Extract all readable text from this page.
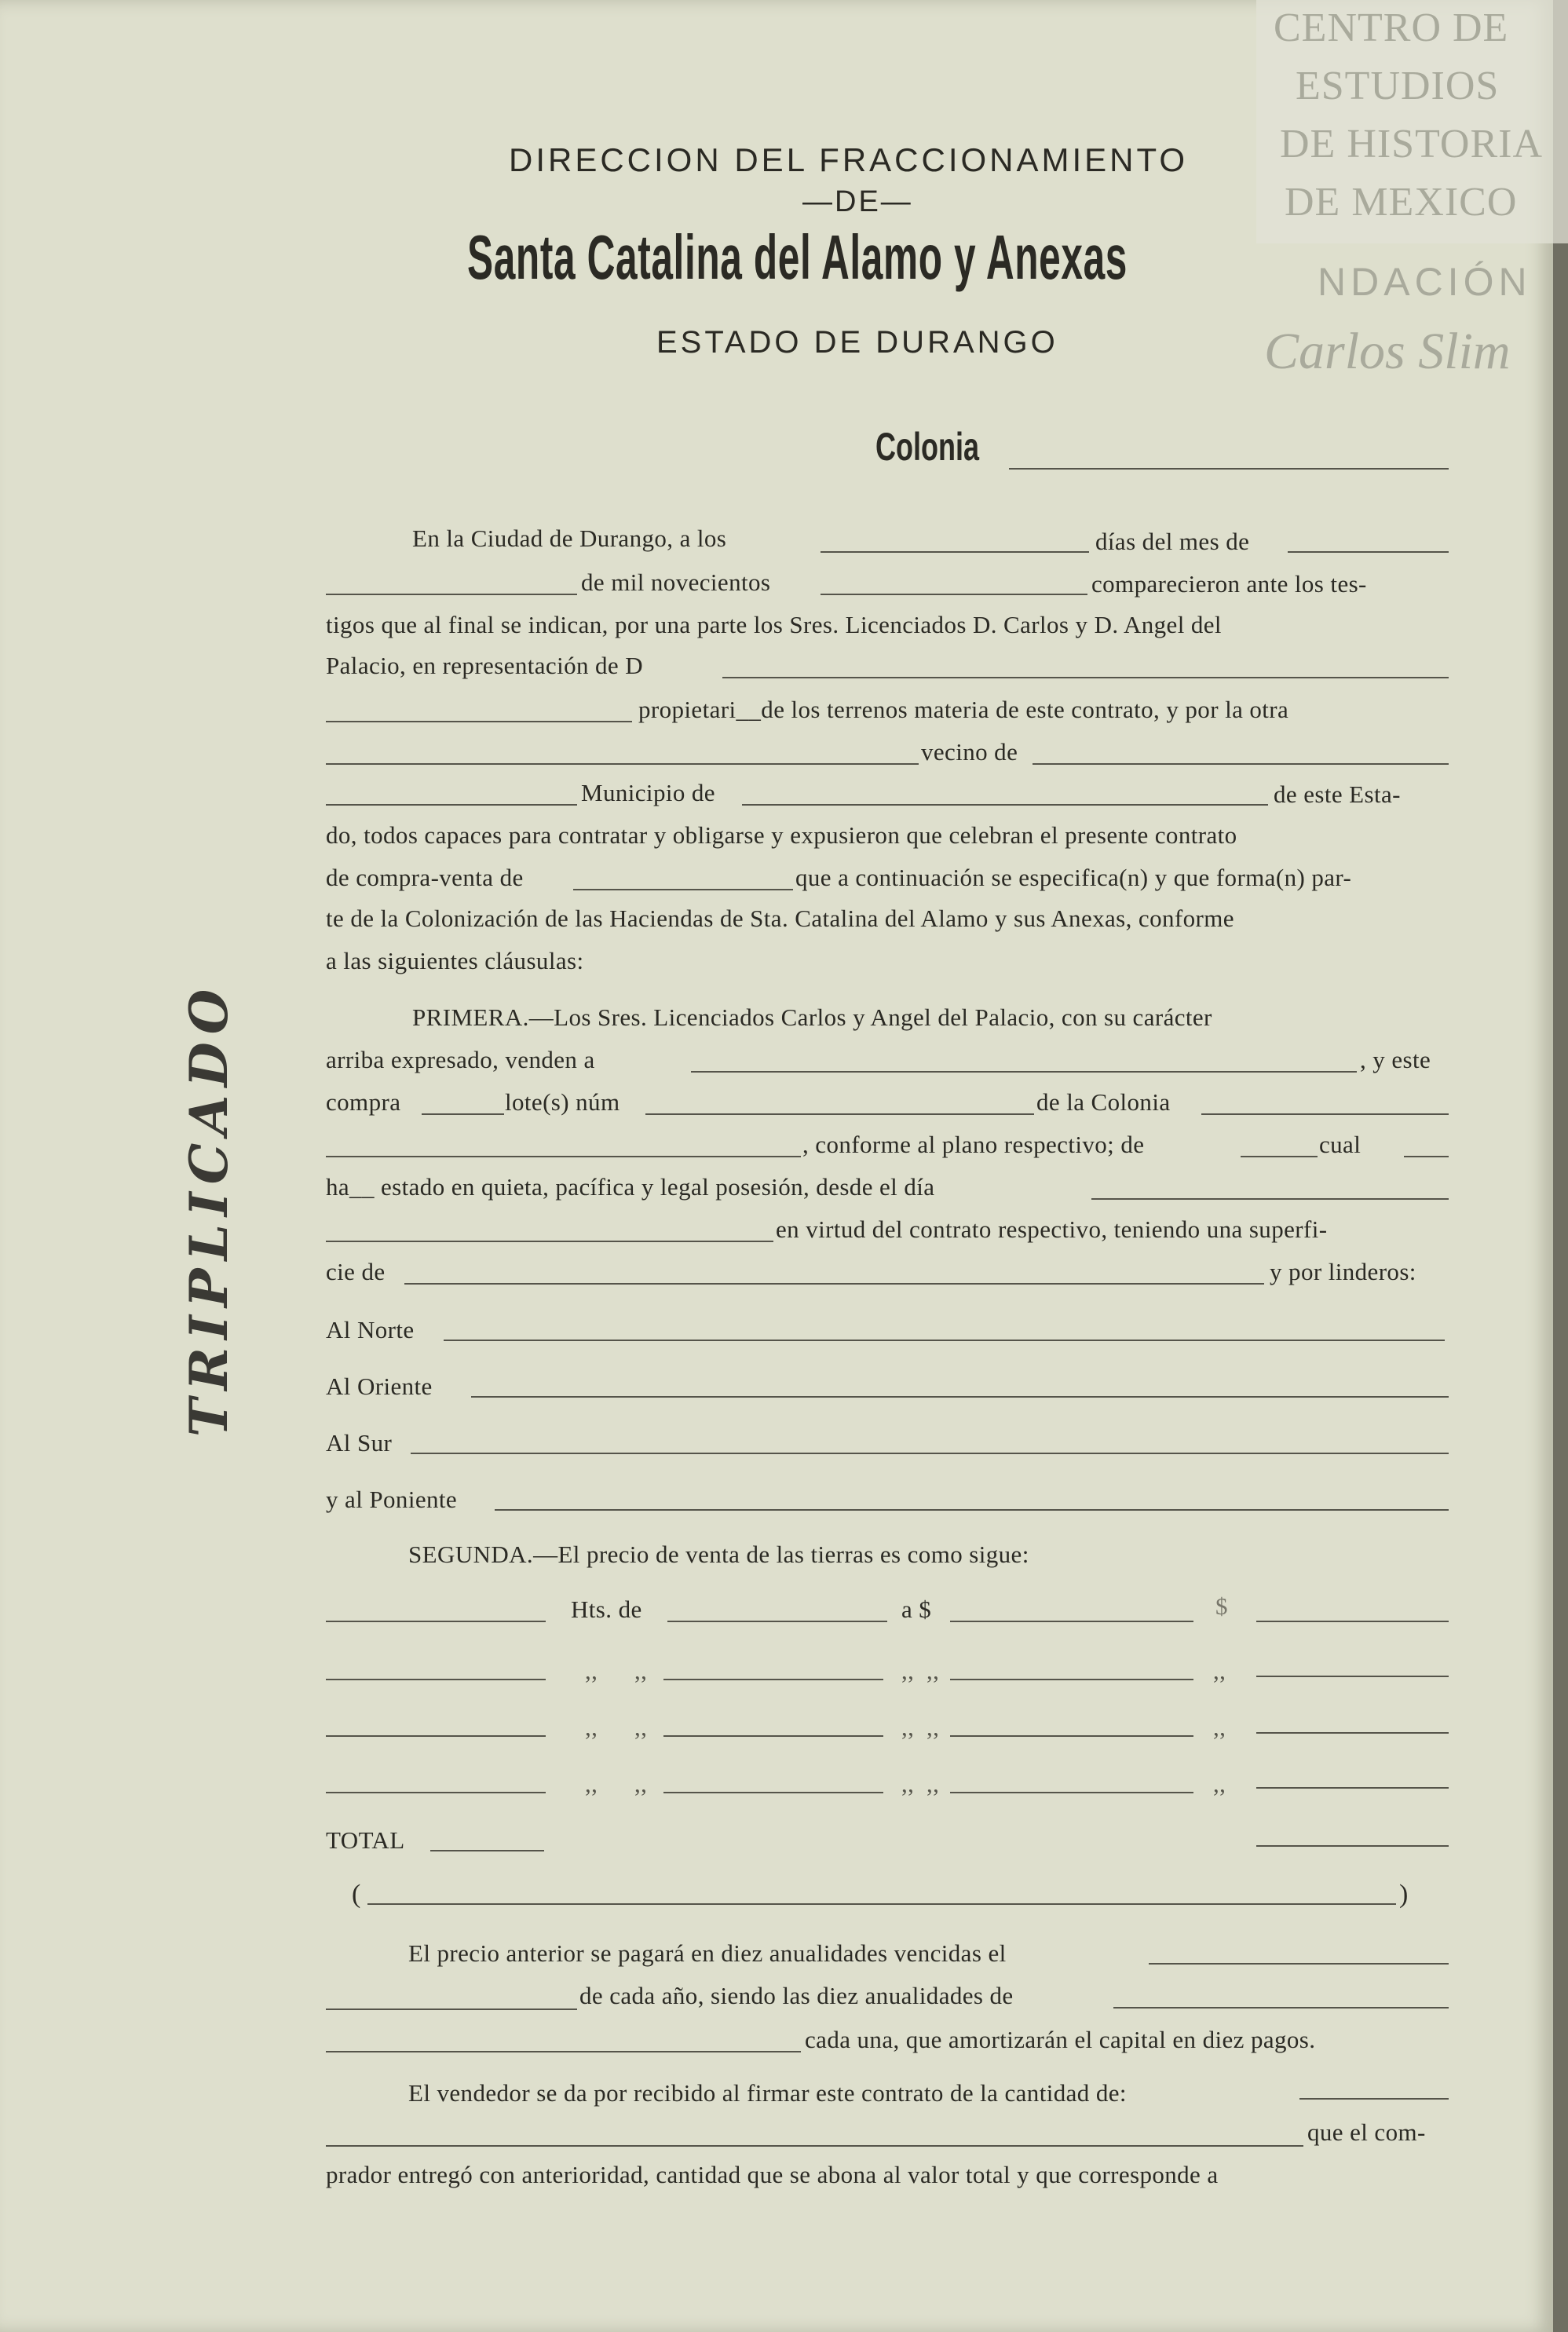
DIRECCION DEL FRACCIONAMIENTO
—DE—
Santa Catalina del Alamo y Anexas
ESTADO DE DURANGO
Colonia
TRIPLICADO
En la Ciudad de Durango, a los	días del mes de
de mil novecientos	comparecieron ante los tes-
tigos que al final se indican, por una parte los Sres. Licenciados D. Carlos y D. Angel del
Palacio, en representación de D
propietari__de los terrenos materia de este contrato, y por la otra
vecino de
Municipio de	de este Esta-
do, todos capaces para contratar y obligarse y expusieron que celebran el presente contrato
de compra-venta de	que a continuación se especifica(n) y que forma(n) par-
te de la Colonización de las Haciendas de Sta. Catalina del Alamo y sus Anexas, conforme
a las siguientes cláusulas:
PRIMERA.—Los Sres. Licenciados Carlos y Angel del Palacio, con su carácter
arriba expresado, venden a	, y este
compra	lote(s) núm	de la Colonia
, conforme al plano respectivo; de	cual
ha__ estado en quieta, pacífica y legal posesión, desde el día
en virtud del contrato respectivo, teniendo una superfi-
cie de	y por linderos:
Al Norte
Al Oriente
Al Sur
y al Poniente
SEGUNDA.—El precio de venta de las tierras es como sigue:
Hts. de	a $	$
,, ,,	,, ,,	,,
,, ,,	,, ,,	,,
,, ,,	,, ,,	,,
TOTAL
(	)
El precio anterior se pagará en diez anualidades vencidas el
de cada año, siendo las diez anualidades de
cada una, que amortizarán el capital en diez pagos.
El vendedor se da por recibido al firmar este contrato de la cantidad de:
que el com-
prador entregó con anterioridad, cantidad que se abona al valor total y que corresponde a
CENTRO DE
ESTUDIOS
DE HISTORIA
DE MEXICO
NDACIÓN
Carlos Slim
